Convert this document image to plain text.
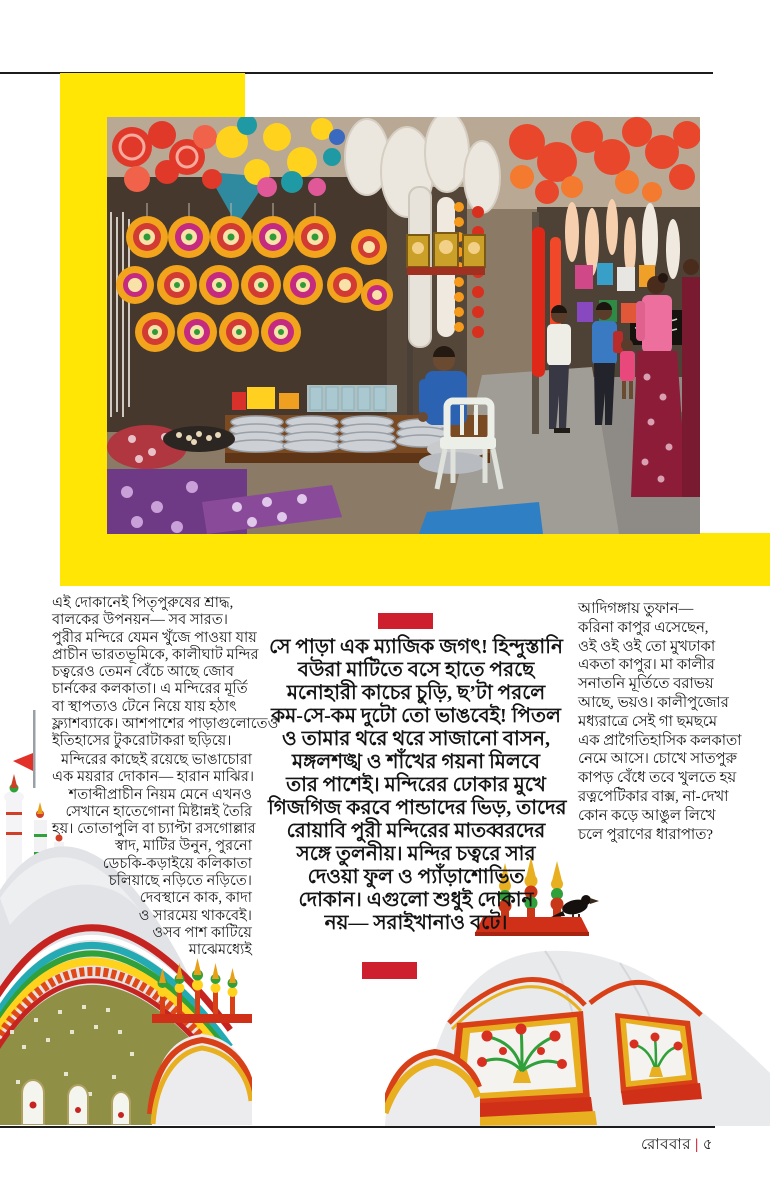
এই দোকানেই পিতৃপুরুষের শ্রাদ্ধ,
বালকের উপনয়ন— সব সারত।
পুরীর মন্দিরে যেমন খুঁজে পাওয়া যায়
প্রাচীন ভারতভূমিকে, কালীঘাট মন্দির
চত্বরেও তেমন বেঁচে আছে জোব
চার্নকের কলকাতা। এ মন্দিরের মূর্তি
বা স্থাপত্যও টেনে নিয়ে যায় হঠাৎ
ফ্ল্যাশব্যাকে। আশপাশের পাড়াগুলোতেও
ইতিহাসের টুকরোটাকরা ছড়িয়ে।
মন্দিরের কাছেই রয়েছে ভাঙাচোরা
এক ময়রার দোকান— হারান মাঝির।
শতাব্দীপ্রাচীন নিয়ম মেনে এখনও
সেখানে হাতেগোনা মিষ্টান্নই তৈরি
হয়। তোতাপুলি বা চ্যাপ্টা রসগোল্লার
স্বাদ, মাটির উনুন, পুরনো
ডেচকি-কড়াইয়ে কলিকাতা
চলিয়াছে নড়িতে নড়িতে।
দেবস্থানে কাক, কাদা
ও সারমেয় থাকবেই।
ওসব পাশ কাটিয়ে
মাঝেমধ্যেই
সে পাড়া এক ম্যাজিক জগৎ! হিন্দুস্তানি
বউরা মাটিতে বসে হাতে পরছে
মনোহারী কাচের চুড়ি, ছ’টা পরলে
কম-সে-কম দুটো তো ভাঙবেই! পিতল
ও তামার থরে থরে সাজানো বাসন,
মঙ্গলশঙ্খ ও শাঁখের গয়না মিলবে
তার পাশেই। মন্দিরের ঢোকার মুখে
গিজগিজ করবে পান্ডাদের ভিড়, তাদের
রোয়াবি পুরী মন্দিরের মাতব্বরদের
সঙ্গে তুলনীয়। মন্দির চত্বরে সার
দেওয়া ফুল ও প্যাঁড়াশোভিত
দোকান। এগুলো শুধুই দোকান
নয়— সরাইখানাও বটে।
আদিগঙ্গায় তুফান—
করিনা কাপুর এসেছেন,
ওই ওই ওই তো মুখঢাকা
একতা কাপুর। মা কালীর
সনাতনি মূর্তিতে বরাভয়
আছে, ভয়ও। কালীপুজোর
মধ্যরাত্রে সেই গা ছমছমে
এক প্রাগৈতিহাসিক কলকাতা
নেমে আসে। চোখে সাতপুরু
কাপড় বেঁধে তবে খুলতে হয়
রত্নপেটিকার বাক্স, না-দেখা
কোন কড়ে আঙুল লিখে
চলে পুরাণের ধারাপাত?
রোববার | ৫
